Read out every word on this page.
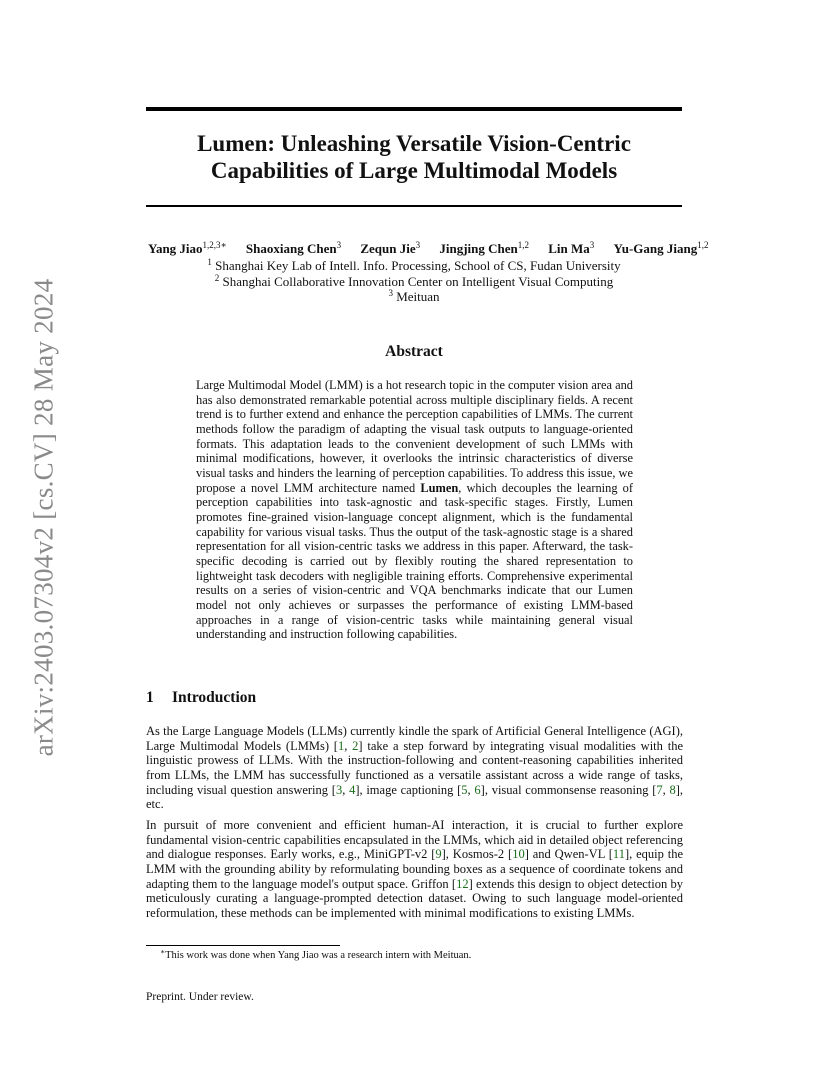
arXiv:2403.07304v2 [cs.CV] 28 May 2024
Lumen: Unleashing Versatile Vision-Centric
Capabilities of Large Multimodal Models
Yang Jiao$^{1,2,3∗}$ Shaoxiang Chen$^3$ Zequn Jie$^3$ Jingjing Chen$^{1,2}$ Lin Ma$^3$ Yu-Gang Jiang$^{1,2}$
$^1$ Shanghai Key Lab of Intell. Info. Processing, School of CS, Fudan University
$^2$ Shanghai Collaborative Innovation Center on Intelligent Visual Computing
$^3$ Meituan
Abstract
Large Multimodal Model (LMM) is a hot research topic in the computer vision area and has also demonstrated remarkable potential across multiple disciplinary fields. A recent trend is to further extend and enhance the perception capabilities of LMMs. The current methods follow the paradigm of adapting the visual task outputs to language-oriented formats. This adaptation leads to the convenient development of such LMMs with minimal modifications, however, it overlooks the intrinsic characteristics of diverse visual tasks and hinders the learning of perception capabilities. To address this issue, we propose a novel LMM architecture named Lumen, which decouples the learning of perception capabilities into task-agnostic and task-specific stages. Firstly, Lumen promotes fine-grained vision-language concept alignment, which is the fundamental capability for various visual tasks. Thus the output of the task-agnostic stage is a shared representation for all vision-centric tasks we address in this paper. Afterward, the task-specific decoding is carried out by flexibly routing the shared representation to lightweight task decoders with negligible training efforts. Comprehensive experimental results on a series of vision-centric and VQA benchmarks indicate that our Lumen model not only achieves or surpasses the performance of existing LMM-based approaches in a range of vision-centric tasks while maintaining general visual understanding and instruction following capabilities.
1 Introduction
As the Large Language Models (LLMs) currently kindle the spark of Artificial General Intelligence (AGI), Large Multimodal Models (LMMs) [1, 2] take a step forward by integrating visual modalities with the linguistic prowess of LLMs. With the instruction-following and content-reasoning capabilities inherited from LLMs, the LMM has successfully functioned as a versatile assistant across a wide range of tasks, including visual question answering [3, 4], image captioning [5, 6], visual commonsense reasoning [7, 8], etc.
In pursuit of more convenient and efficient human-AI interaction, it is crucial to further explore fundamental vision-centric capabilities encapsulated in the LMMs, which aid in detailed object referencing and dialogue responses. Early works, e.g., MiniGPT-v2 [9], Kosmos-2 [10] and Qwen-VL [11], equip the LMM with the grounding ability by reformulating bounding boxes as a sequence of coordinate tokens and adapting them to the language model's output space. Griffon [12] extends this design to object detection by meticulously curating a language-prompted detection dataset. Owing to such language model-oriented reformulation, these methods can be implemented with minimal modifications to existing LMMs.
∗This work was done when Yang Jiao was a research intern with Meituan.
Preprint. Under review.
